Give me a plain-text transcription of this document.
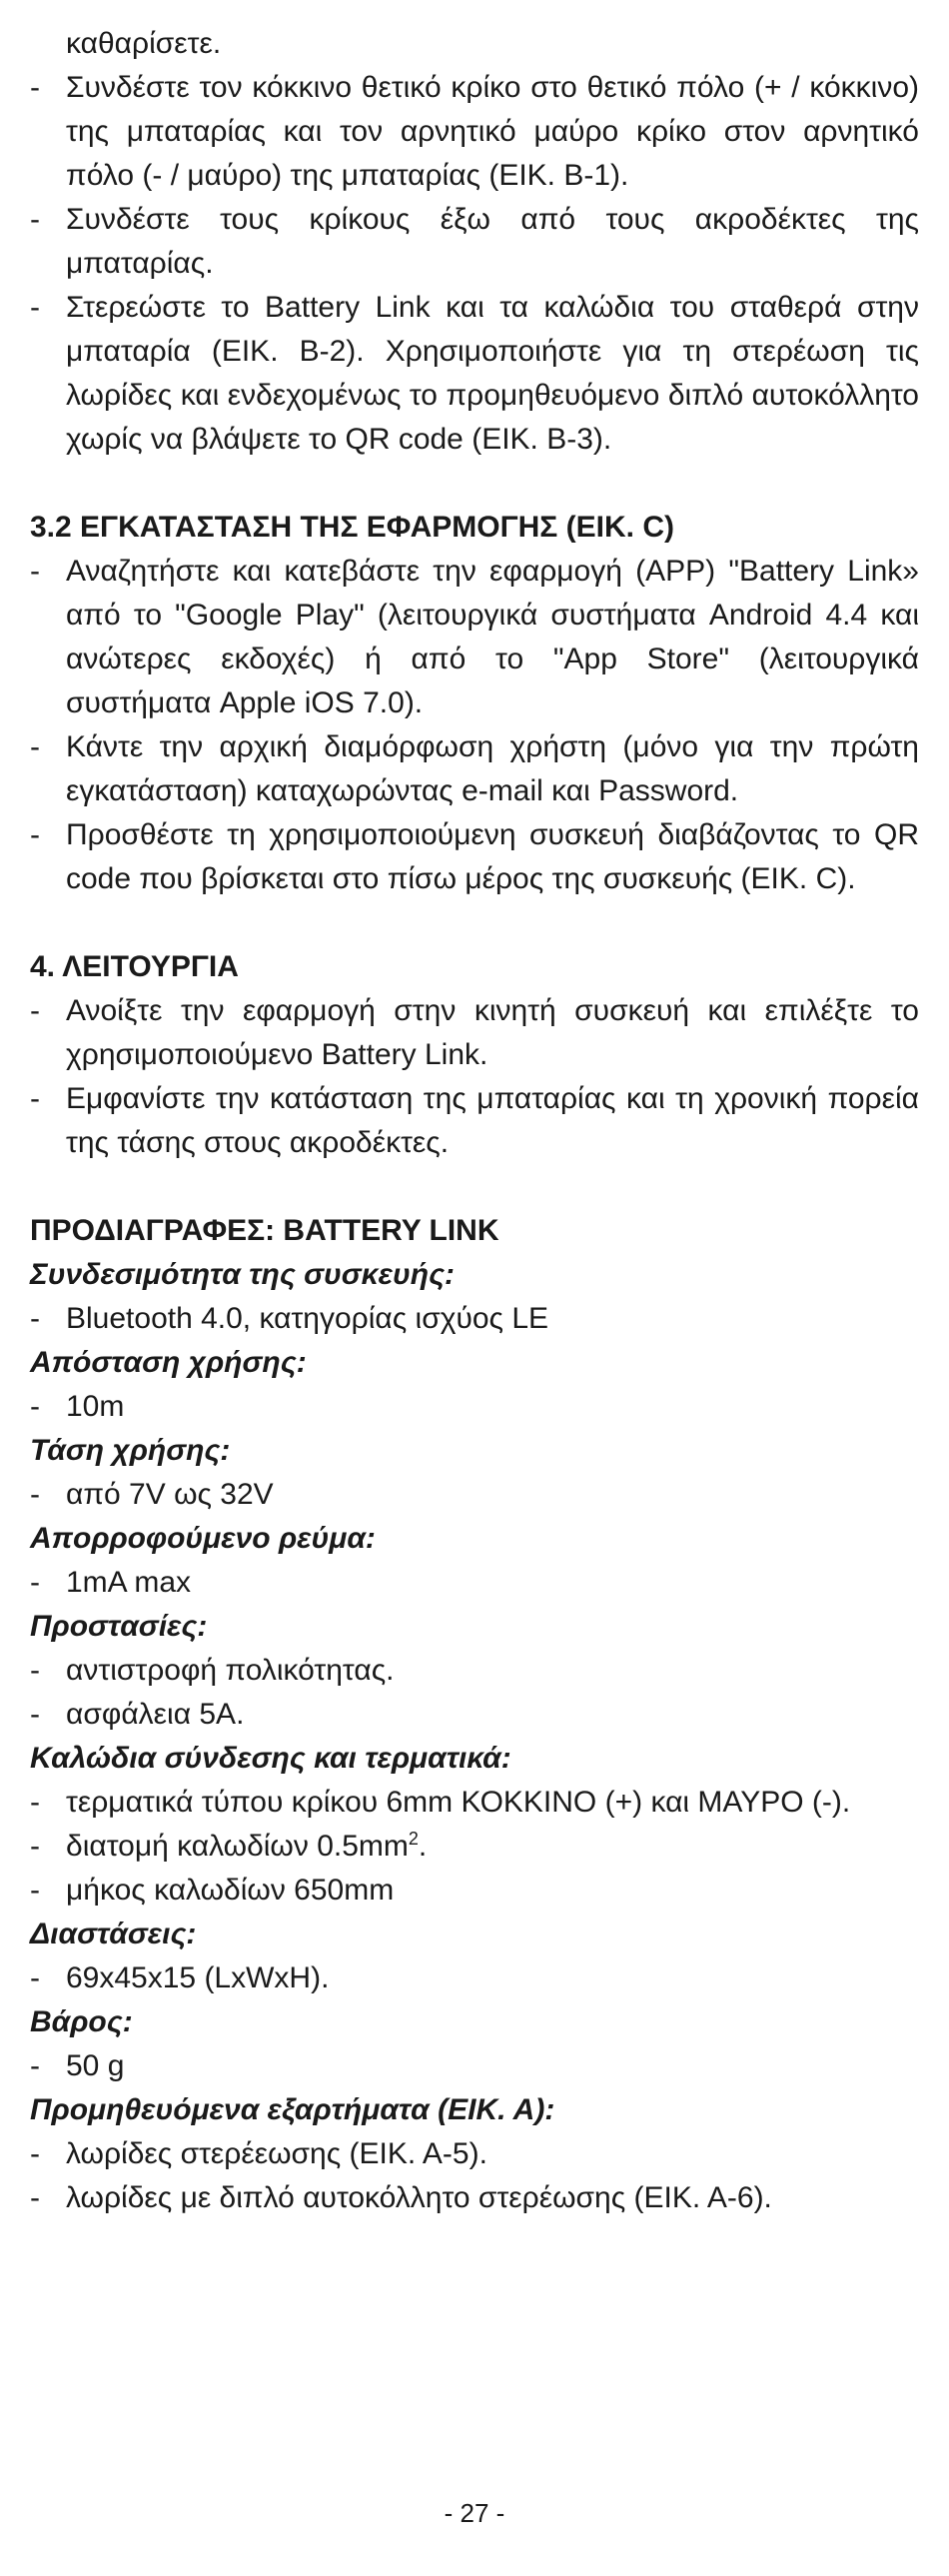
καθαρίσετε.

- Συνδέστε τον κόκκινο θετικό κρίκο στο θετικό πόλο (+ / κόκκινο) της μπαταρίας και τον αρνητικό μαύρο κρίκο στον αρνητικό πόλο (- / μαύρο) της μπαταρίας (ΕΙΚ. Β-1).
- Συνδέστε τους κρίκους έξω από τους ακροδέκτες της μπαταρίας.
- Στερεώστε το Battery Link και τα καλώδια του σταθερά στην μπαταρία (ΕΙΚ. Β-2). Χρησιμοποιήστε για τη στερέωση τις λωρίδες και ενδεχομένως το προμηθευόμενο διπλό αυτοκόλλητο χωρίς να βλάψετε το QR code (ΕΙΚ. Β-3).

3.2 ΕΓΚΑΤΑΣΤΑΣΗ ΤΗΣ ΕΦΑΡΜΟΓΗΣ (ΕΙΚ. C)

- Αναζητήστε και κατεβάστε την εφαρμογή (APP) "Battery Link» από το "Google Play" (λειτουργικά συστήματα Android 4.4 και ανώτερες εκδοχές) ή από το "App Store" (λειτουργικά συστήματα Apple iOS 7.0).
- Κάντε την αρχική διαμόρφωση χρήστη (μόνο για την πρώτη εγκατάσταση) καταχωρώντας e-mail και Password.
- Προσθέστε τη χρησιμοποιούμενη συσκευή διαβάζοντας το QR code που βρίσκεται στο πίσω μέρος της συσκευής (ΕΙΚ. C).

4. ΛΕΙΤΟΥΡΓΙΑ

- Ανοίξτε την εφαρμογή στην κινητή συσκευή και επιλέξτε το χρησιμοποιούμενο Battery Link.
- Εμφανίστε την κατάσταση της μπαταρίας και τη χρονική πορεία της τάσης στους ακροδέκτες.

ΠΡΟΔΙΑΓΡΑΦΕΣ: BATTERY LINK

Συνδεσιμότητα της συσκευής:

- Bluetooth 4.0, κατηγορίας ισχύος LE

Απόσταση χρήσης:

- 10m

Τάση χρήσης:

- από 7V ως 32V

Απορροφούμενο ρεύμα:

- 1mA max

Προστασίες:

- αντιστροφή πολικότητας.
- ασφάλεια 5A.

Καλώδια σύνδεσης και τερματικά:

- τερματικά τύπου κρίκου 6mm ΚΟΚΚΙΝΟ (+) και ΜΑΥΡΟ (-).
- διατομή καλωδίων $0.5mm^2$.
- μήκος καλωδίων 650mm

Διαστάσεις:

- 69x45x15 (LxWxH).

Βάρος:

- 50 g

Προμηθευόμενα εξαρτήματα (ΕΙΚ. Α):

- λωρίδες στερέεωσης (ΕΙΚ. Α-5).
- λωρίδες με διπλό αυτοκόλλητο στερέωσης (ΕΙΚ. Α-6).
- 27 -
